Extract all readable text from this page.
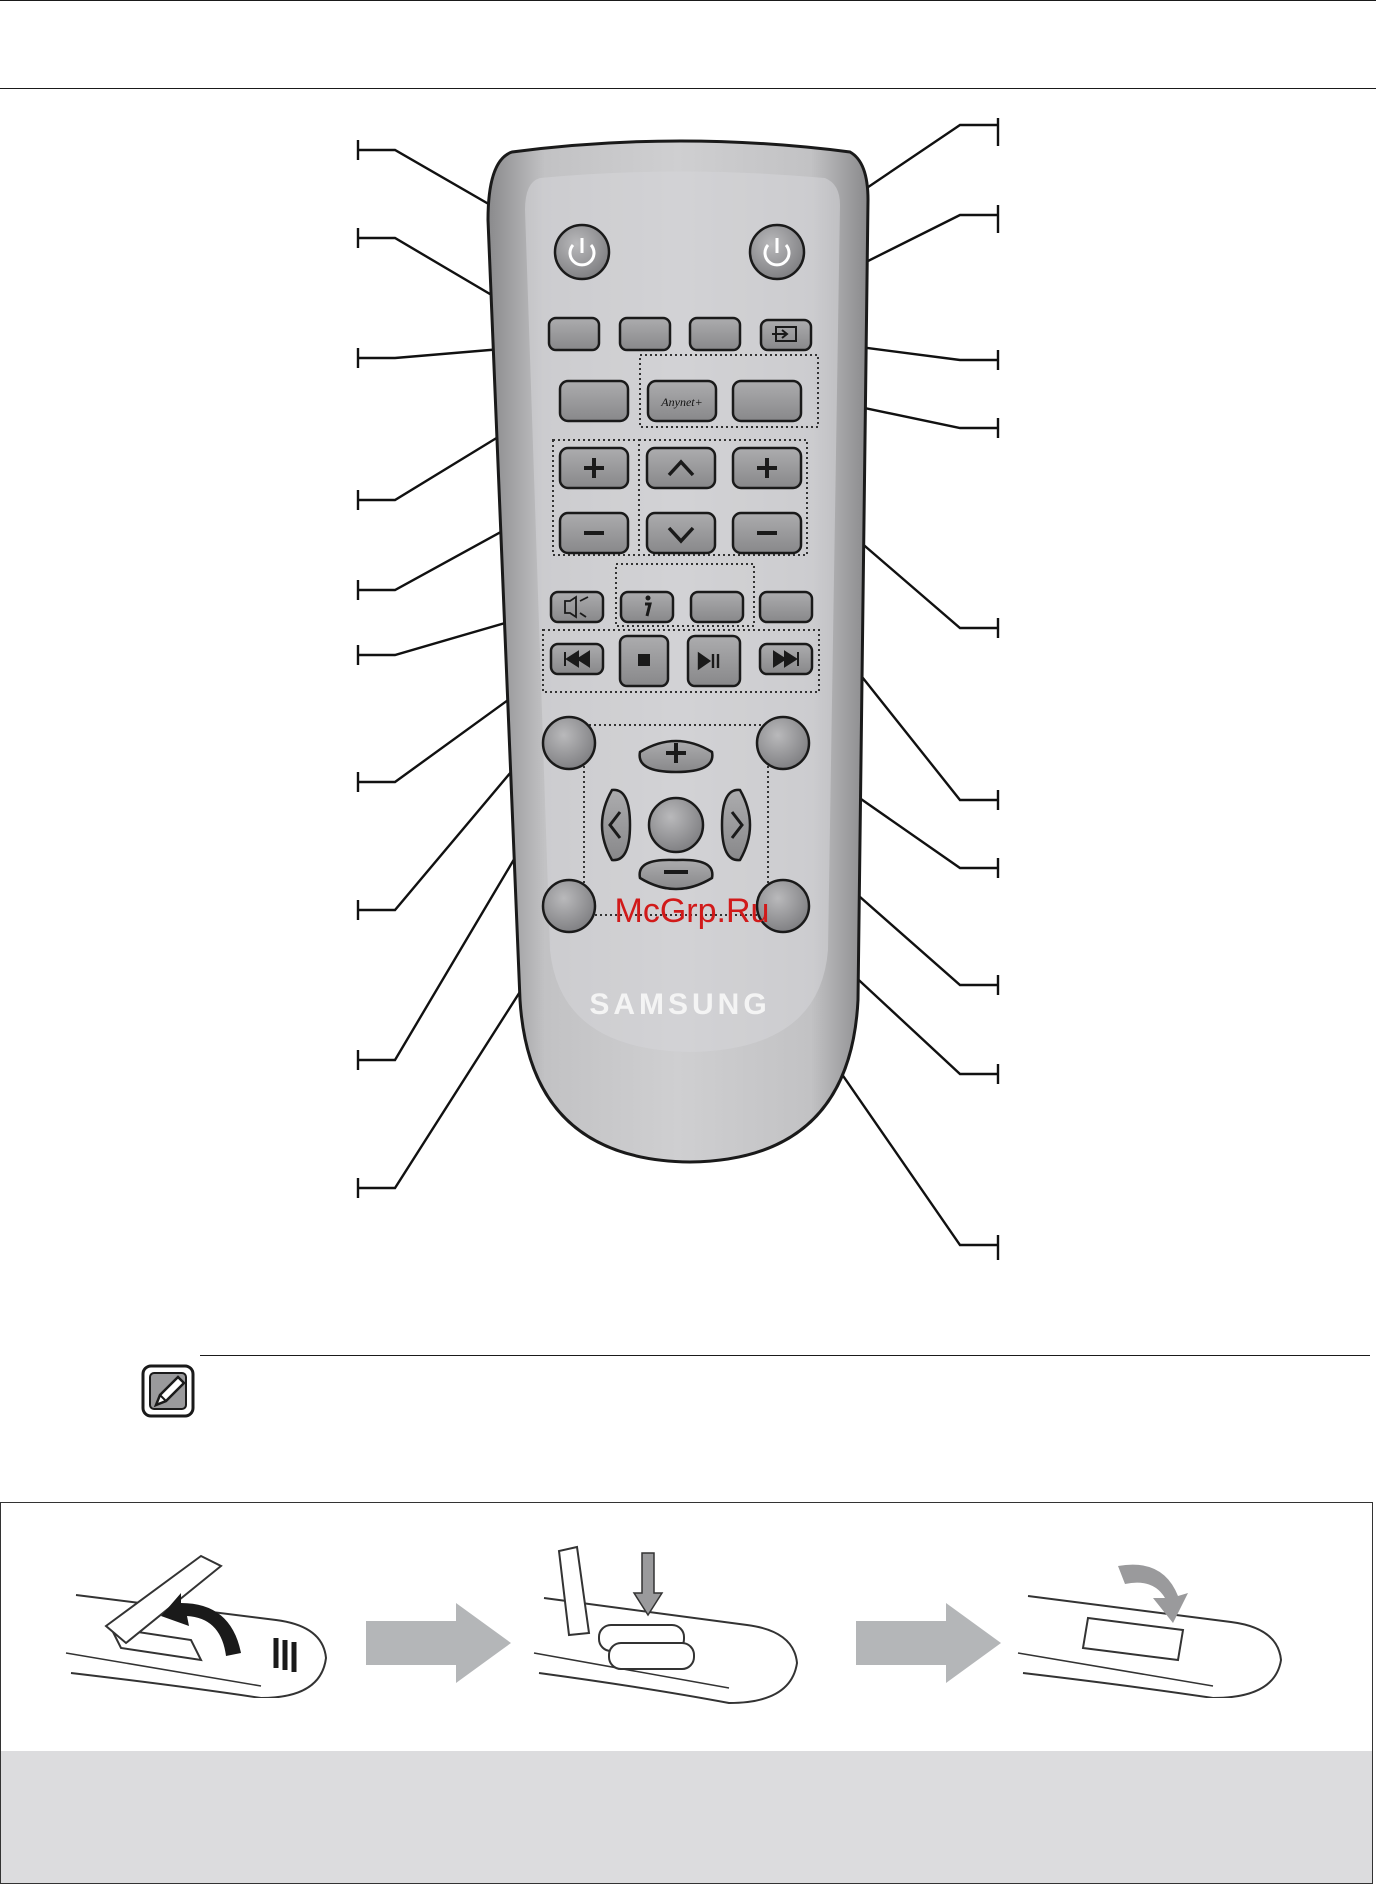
Anynet+
McGrp.Ru
SAMSUNG
